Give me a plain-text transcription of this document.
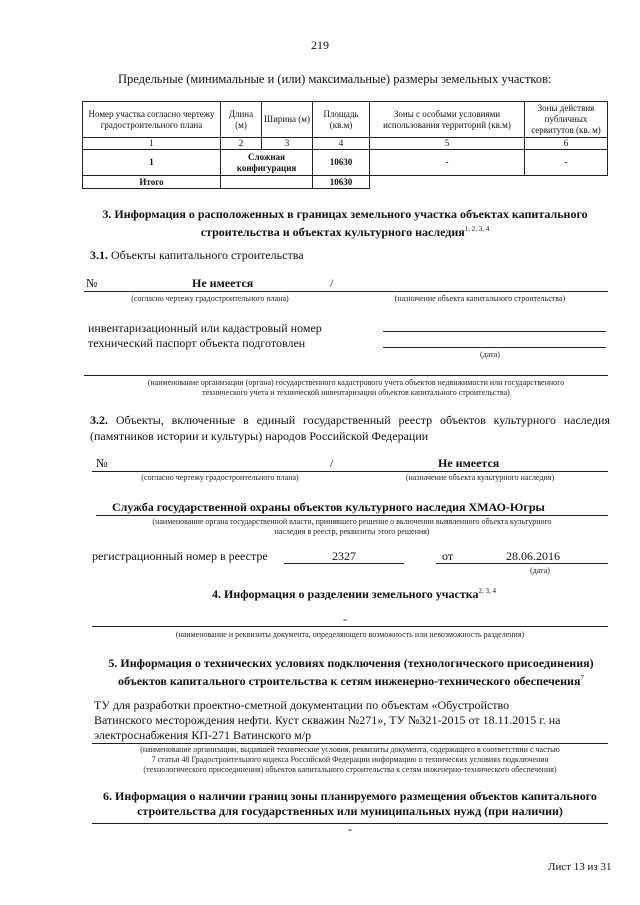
219
Предельные (минимальные и (или) максимальные) размеры земельных участков:
Номер участка согласно чертежу градостроительного плана	Длина (м)	Ширина (м)	Площадь (кв.м)	Зоны с особыми условиями использования территорий (кв.м)	Зоны действия публичных сервитутов (кв. м)
1	2	3	4	5	6
1	Сложная конфигурация		10630	-	-
Итого			10630		
3. Информация о расположенных в границах земельного участка объектах капитального
строительства и объектах культурного наследия$^{1, 2, 3, 4}$
3.1. Объекты капитального строительства
№	Не имеется	/
(согласно чертежу градостроительного плана)	(назначение объекта капитального строительства)
инвентаризационный или кадастровый номер
технический паспорт объекта подготовлен
(дата)
(наименование организации (органа) государственного кадастрового учета объектов недвижимости или государственного
технического учета и технической инвентаризации объектов капитального строительства)
3.2. Объекты, включенные в единый государственный реестр объектов культурного наследия
(памятников истории и культуры) народов Российской Федерации
№	/	Не имеется
(согласно чертежу градостроительного плана)	(назначение объекта культурного наследия)
Служба государственной охраны объектов культурного наследия ХМАО-Югры
(наименование органа государственной власти, принявшего решение о включении выявленного объекта культурного
наследия в реестр, реквизиты этого решения)
регистрационный номер в реестре	2327	от	28.06.2016
(дата)
4. Информация о разделении земельного участка$^{2, 3, 4}$
-
(наименование и реквизиты документа, определяющего возможность или невозможность разделения)
5. Информация о технических условиях подключения (технологического присоединения)
объектов капитального строительства к сетям инженерно-технического обеспечения$^7$
ТУ для разработки проектно-сметной документации по объектам «Обустройство
Ватинского месторождения нефти. Куст скважин №271», ТУ №321-2015 от 18.11.2015 г. на
электроснабжения КП-271 Ватинского м/р
(наименование организации, выдавшей технические условия, реквизиты документа, содержащего в соответствии с частью
7 статьи 48 Градостроительного кодекса Российской Федерации информацию о технических условиях подключения
(технологического присоединения) объектов капитального строительства к сетям инженерно-технического обеспечения)
6. Информация о наличии границ зоны планируемого размещения объектов капитального
строительства для государственных или муниципальных нужд (при наличии)
-
Лист 13 из 31
